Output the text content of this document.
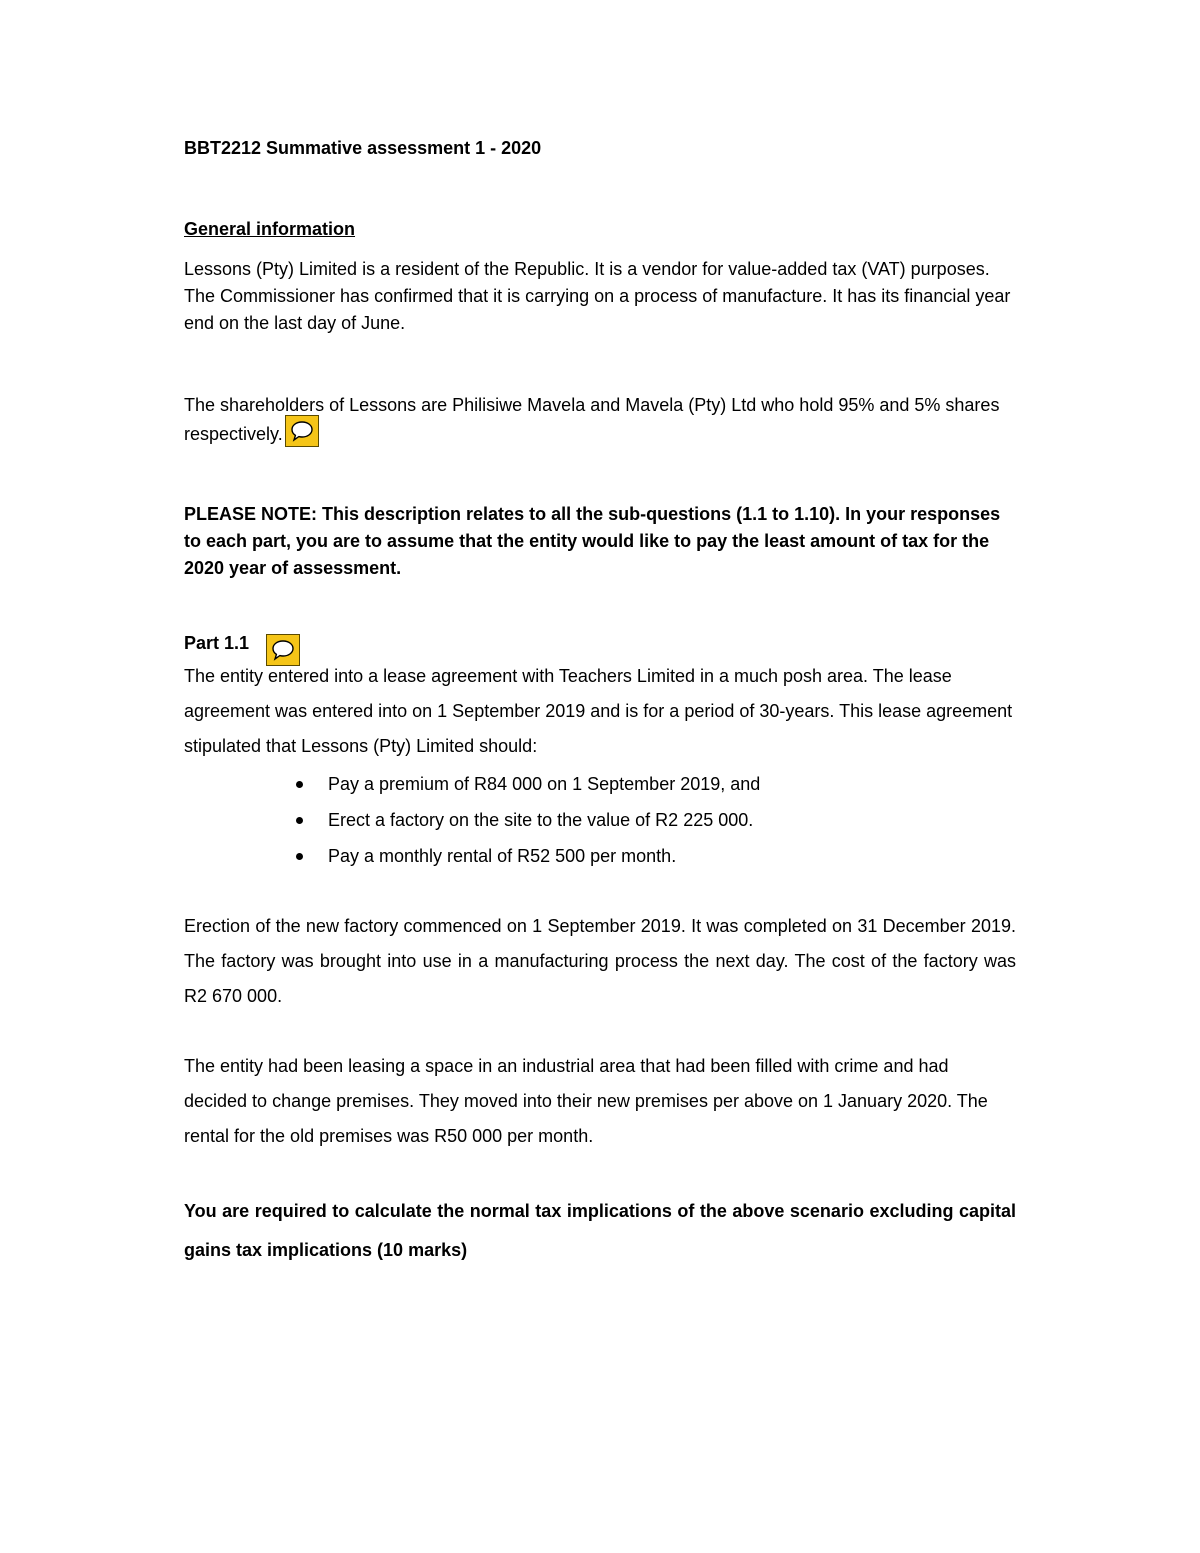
BBT2212 Summative assessment 1 - 2020

General information

Lessons (Pty) Limited is a resident of the Republic. It is a vendor for value-added tax (VAT) purposes. The Commissioner has confirmed that it is carrying on a process of manufacture. It has its financial year end on the last day of June.

The shareholders of Lessons are Philisiwe Mavela and Mavela (Pty) Ltd who hold 95% and 5% shares respectively.

PLEASE NOTE: This description relates to all the sub-questions (1.1 to 1.10). In your responses to each part, you are to assume that the entity would like to pay the least amount of tax for the 2020 year of assessment.

Part 1.1

The entity entered into a lease agreement with Teachers Limited in a much posh area. The lease agreement was entered into on 1 September 2019 and is for a period of 30-years. This lease agreement stipulated that Lessons (Pty) Limited should:

Pay a premium of R84 000 on 1 September 2019, and
Erect a factory on the site to the value of R2 225 000.
Pay a monthly rental of R52 500 per month.

Erection of the new factory commenced on 1 September 2019. It was completed on 31 December 2019. The factory was brought into use in a manufacturing process the next day. The cost of the factory was R2 670 000.

The entity had been leasing a space in an industrial area that had been filled with crime and had decided to change premises. They moved into their new premises per above on 1 January 2020. The rental for the old premises was R50 000 per month.

You are required to calculate the normal tax implications of the above scenario excluding capital gains tax implications (10 marks)
